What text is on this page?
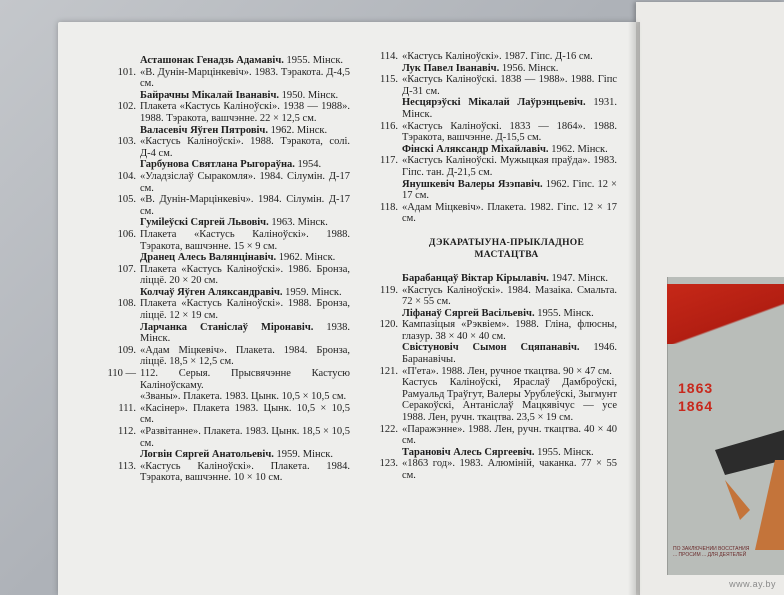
1863
1864
ПО ЗАКЛЮЧЕНИИ ВОССТАНИЯ ... ПРОСИМ ... ДЛЯ ДЕЯТЕЛЕЙ
Асташонак Генадзь Адамавіч. 1955. Мінск.
101. «В. Дунін-Марцінкевіч». 1983. Тэракота. Д-4,5 см.
Байрачны Мікалай Іванавіч. 1950. Мінск.
102. Плакета «Кастусь Каліноўскі». 1938 — 1988». 1988. Тэракота, вашчэнне. 22 × 12,5 см.
Валасевіч Яўген Пятровіч. 1962. Мінск.
103. «Кастусь Каліноўскі». 1988. Тэракота, солі. Д-4 см.
Гарбунова Святлана Рыгораўна. 1954.
104. «Уладзіслаў Сыракомля». 1984. Сілумін. Д-17 см.
105. «В. Дунін-Марцінкевіч». 1984. Сілумін. Д-17 см.
Гуміleўскі Сяргей Львовіч. 1963. Мінск.
106. Плакета «Кастусь Каліноўскі». 1988. Тэракота, вашчэнне. 15 × 9 см.
Дранец Алесь Валянцінавіч. 1962. Мінск.
107. Плакета «Кастусь Каліноўскі». 1986. Бронза, ліццё. 20 × 20 см.
Колчаў Яўген Аляксандравіч. 1959. Мінск.
108. Плакета «Кастусь Каліноўскі». 1988. Бронза, ліццё. 12 × 19 см.
Ларчанка Станіслаў Міронавіч. 1938. Мінск.
109. «Адам Міцкевіч». Плакета. 1984. Бронза, ліццё. 18,5 × 12,5 см.
110 — 112. Серыя. Прысвячэнне Кастусю Каліноўскаму.
«Званы». Плакета. 1983. Цынк. 10,5 × 10,5 см.
111. «Касінер». Плакета 1983. Цынк. 10,5 × 10,5 см.
112. «Развітанне». Плакета. 1983. Цынк. 18,5 × 10,5 см.
Логвін Сяргей Анатольевіч. 1959. Мінск.
113. «Кастусь Каліноўскі». Плакета. 1984. Тэракота, вашчэнне. 10 × 10 см.
114. «Кастусь Каліноўскі». 1987. Гіпс. Д-16 см.
Лук Павел Іванавіч. 1956. Мінск.
115. «Кастусь Каліноўскі. 1838 — 1988». 1988. Гіпс Д-31 см.
Несцярэўскі Мікалай Лаўрэнцьевіч. 1931. Мінск.
116. «Кастусь Каліноўскі. 1833 — 1864». 1988. Тэракота, вашчэнне. Д-15,5 см.
Фінскі Аляксандр Міхайлавіч. 1962. Мінск.
117. «Кастусь Каліноўскі. Мужыцкая праўда». 1983. Гіпс. тан. Д-21,5 см.
Янушкевіч Валеры Язэпавіч. 1962. Гіпс. 12 × 17 см.
118. «Адам Міцкевіч». Плакета. 1982. Гіпс. 12 × 17 см.
ДЭКАРАТЫУНА-ПРЫКЛАДНОЕ
МАСТАЦТВА
Барабанцаў Віктар Кірылавіч. 1947. Мінск.
119. «Кастусь Каліноўскі». 1984. Мазаіка. Смальта. 72 × 55 см.
Ліфанаў Сяргей Васільевіч. 1955. Мінск.
120. Кампазіцыя «Рэквіем». 1988. Гліна, флюсны, глазур. 38 × 40 × 40 см.
Свістуновіч Сымон Сцяпанавіч. 1946. Баранавічы.
121. «П'ета». 1988. Лен, ручное ткацтва. 90 × 47 см.
Кастусь Каліноўскі, Яраслаў Дамброўскі, Рамуальд Траўгут, Валеры Урублеўскі, Зыгмунт Серакоўскі, Антаніслаў Мацкявічус — усе 1988. Лен, ручн. ткацтва. 23,5 × 19 см.
122. «Паражэнне». 1988. Лен, ручн. ткацтва. 40 × 40 см.
Тарановіч Алесь Сяргеевіч. 1955. Мінск.
123. «1863 год». 1983. Алюміній, чаканка. 77 × 55 см.
www.ay.by
